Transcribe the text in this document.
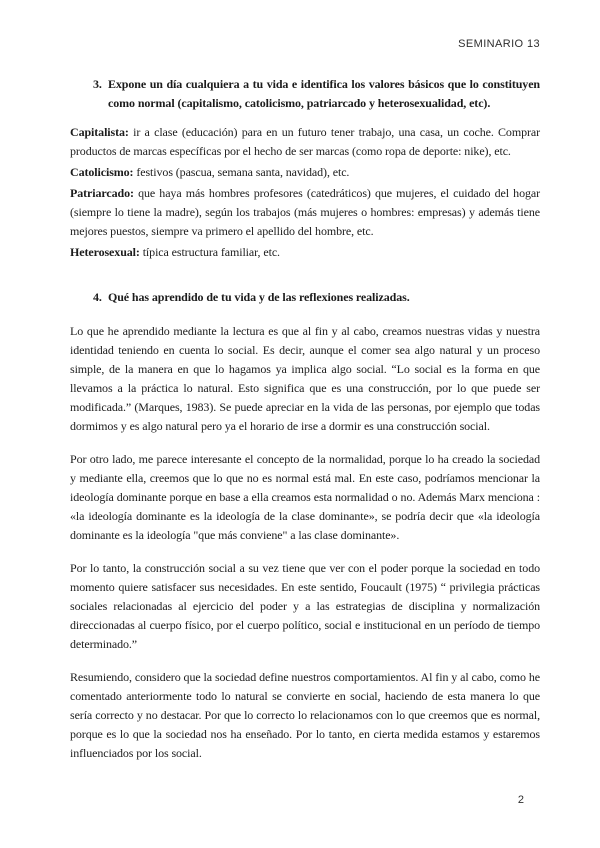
SEMINARIO 13
3. Expone un día cualquiera a tu vida e identifica los valores básicos que lo constituyen como normal (capitalismo, catolicismo, patriarcado y heterosexualidad, etc).

Capitalista: ir a clase (educación) para en un futuro tener trabajo, una casa, un coche. Comprar productos de marcas específicas por el hecho de ser marcas (como ropa de deporte: nike), etc.

Catolicismo: festivos (pascua, semana santa, navidad), etc.

Patriarcado: que haya más hombres profesores (catedráticos) que mujeres, el cuidado del hogar (siempre lo tiene la madre), según los trabajos (más mujeres o hombres: empresas) y además tiene mejores puestos, siempre va primero el apellido del hombre, etc.

Heterosexual: típica estructura familiar, etc.

4. Qué has aprendido de tu vida y de las reflexiones realizadas.

Lo que he aprendido mediante la lectura es que al fin y al cabo, creamos nuestras vidas y nuestra identidad teniendo en cuenta lo social. Es decir, aunque el comer sea algo natural y un proceso simple, de la manera en que lo hagamos ya implica algo social. “Lo social es la forma en que llevamos a la práctica lo natural. Esto significa que es una construcción, por lo que puede ser modificada.” (Marques, 1983). Se puede apreciar en la vida de las personas, por ejemplo que todas dormimos y es algo natural pero ya el horario de irse a dormir es una construcción social.

Por otro lado, me parece interesante el concepto de la normalidad, porque lo ha creado la sociedad y mediante ella, creemos que lo que no es normal está mal. En este caso, podríamos mencionar la ideología dominante porque en base a ella creamos esta normalidad o no. Además Marx menciona : «la ideología dominante es la ideología de la clase dominante», se podría decir que «la ideología dominante es la ideología "que más conviene" a las clase dominante».

Por lo tanto, la construcción social a su vez tiene que ver con el poder porque la sociedad en todo momento quiere satisfacer sus necesidades. En este sentido, Foucault (1975) “ privilegia prácticas sociales relacionadas al ejercicio del poder y a las estrategias de disciplina y normalización direccionadas al cuerpo físico, por el cuerpo político, social e institucional en un período de tiempo determinado.”

Resumiendo, considero que la sociedad define nuestros comportamientos. Al fin y al cabo, como he comentado anteriormente todo lo natural se convierte en social, haciendo de esta manera lo que sería correcto y no destacar. Por que lo correcto lo relacionamos con lo que creemos que es normal, porque es lo que la sociedad nos ha enseñado. Por lo tanto, en cierta medida estamos y estaremos influenciados por los social.

2
